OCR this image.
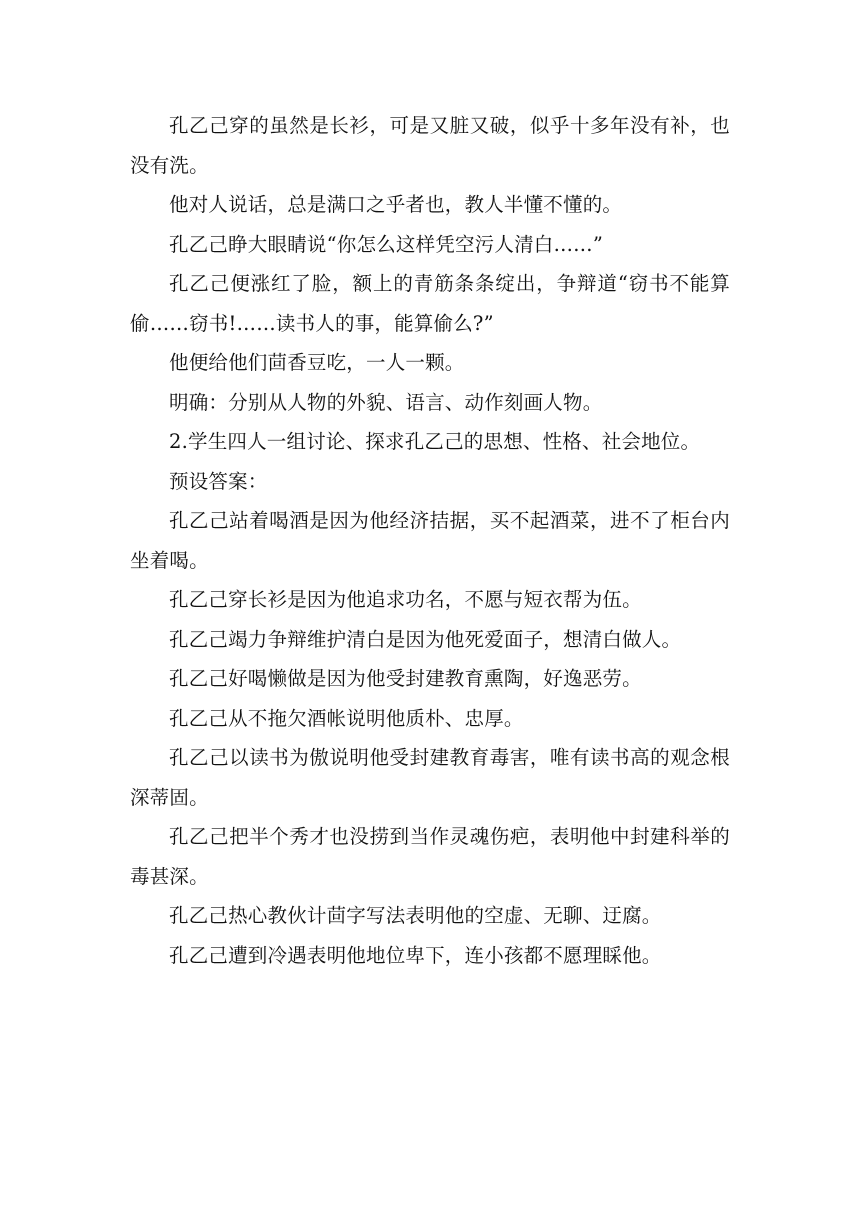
孔乙己穿的虽然是长衫，可是又脏又破，似乎十多年没有补，也没有洗。

他对人说话，总是满口之乎者也，教人半懂不懂的。

孔乙己睁大眼睛说“你怎么这样凭空污人清白……”

孔乙己便涨红了脸，额上的青筋条条绽出，争辩道“窃书不能算偷……窃书!……读书人的事，能算偷么?”

他便给他们茴香豆吃，一人一颗。

明确：分别从人物的外貌、语言、动作刻画人物。

2.学生四人一组讨论、探求孔乙己的思想、性格、社会地位。

预设答案：

孔乙己站着喝酒是因为他经济拮据，买不起酒菜，进不了柜台内坐着喝。

孔乙己穿长衫是因为他追求功名，不愿与短衣帮为伍。

孔乙己竭力争辩维护清白是因为他死爱面子，想清白做人。

孔乙己好喝懒做是因为他受封建教育熏陶，好逸恶劳。

孔乙己从不拖欠酒帐说明他质朴、忠厚。

孔乙己以读书为傲说明他受封建教育毒害，唯有读书高的观念根深蒂固。

孔乙己把半个秀才也没捞到当作灵魂伤疤，表明他中封建科举的毒甚深。

孔乙己热心教伙计茴字写法表明他的空虚、无聊、迂腐。

孔乙己遭到冷遇表明他地位卑下，连小孩都不愿理睬他。
